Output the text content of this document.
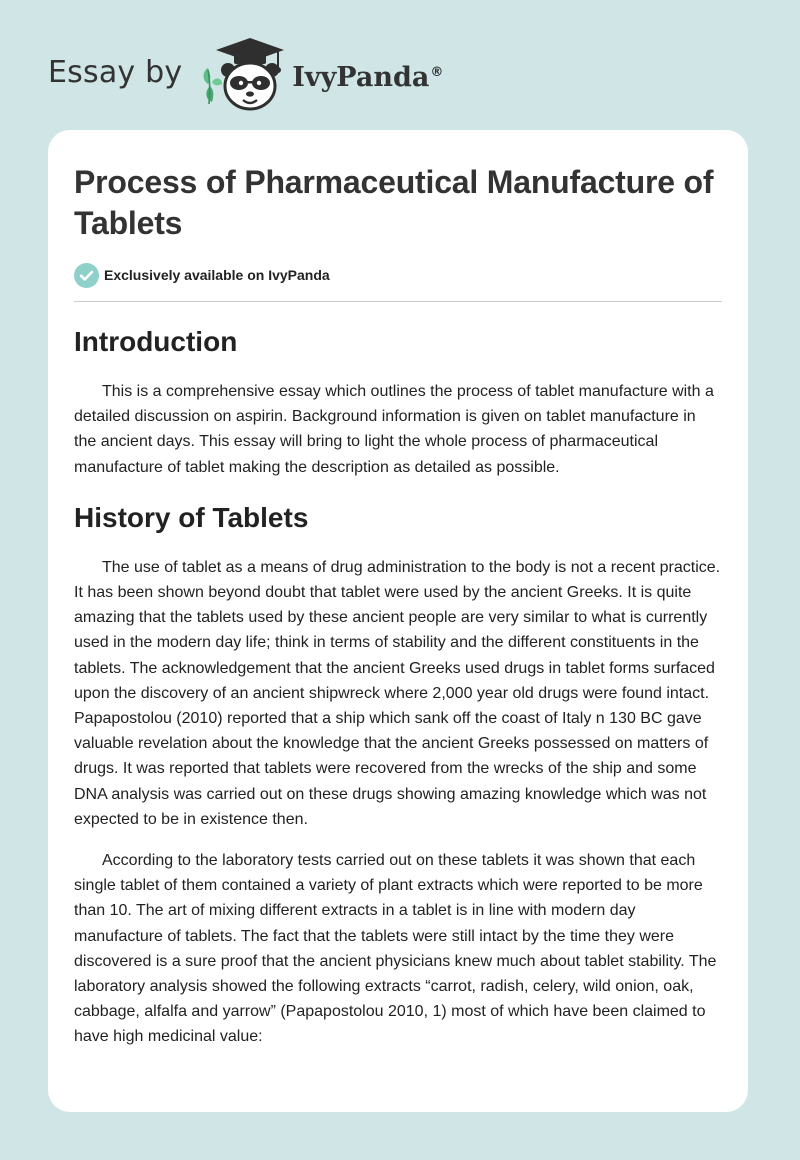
Essay by	IvyPanda®
Process of Pharmaceutical Manufacture of Tablets
Exclusively available on IvyPanda
Introduction

This is a comprehensive essay which outlines the process of tablet manufacture with a detailed discussion on aspirin. Background information is given on tablet manufacture in the ancient days. This essay will bring to light the whole process of pharmaceutical manufacture of tablet making the description as detailed as possible.

History of Tablets

The use of tablet as a means of drug administration to the body is not a recent practice. It has been shown beyond doubt that tablet were used by the ancient Greeks. It is quite amazing that the tablets used by these ancient people are very similar to what is currently used in the modern day life; think in terms of stability and the different constituents in the tablets. The acknowledgement that the ancient Greeks used drugs in tablet forms surfaced upon the discovery of an ancient shipwreck where 2,000 year old drugs were found intact. Papapostolou (2010) reported that a ship which sank off the coast of Italy n 130 BC gave valuable revelation about the knowledge that the ancient Greeks possessed on matters of drugs. It was reported that tablets were recovered from the wrecks of the ship and some DNA analysis was carried out on these drugs showing amazing knowledge which was not expected to be in existence then.

According to the laboratory tests carried out on these tablets it was shown that each single tablet of them contained a variety of plant extracts which were reported to be more than 10. The art of mixing different extracts in a tablet is in line with modern day manufacture of tablets. The fact that the tablets were still intact by the time they were discovered is a sure proof that the ancient physicians knew much about tablet stability. The laboratory analysis showed the following extracts “carrot, radish, celery, wild onion, oak, cabbage, alfalfa and yarrow” (Papapostolou 2010, 1) most of which have been claimed to have high medicinal value:
